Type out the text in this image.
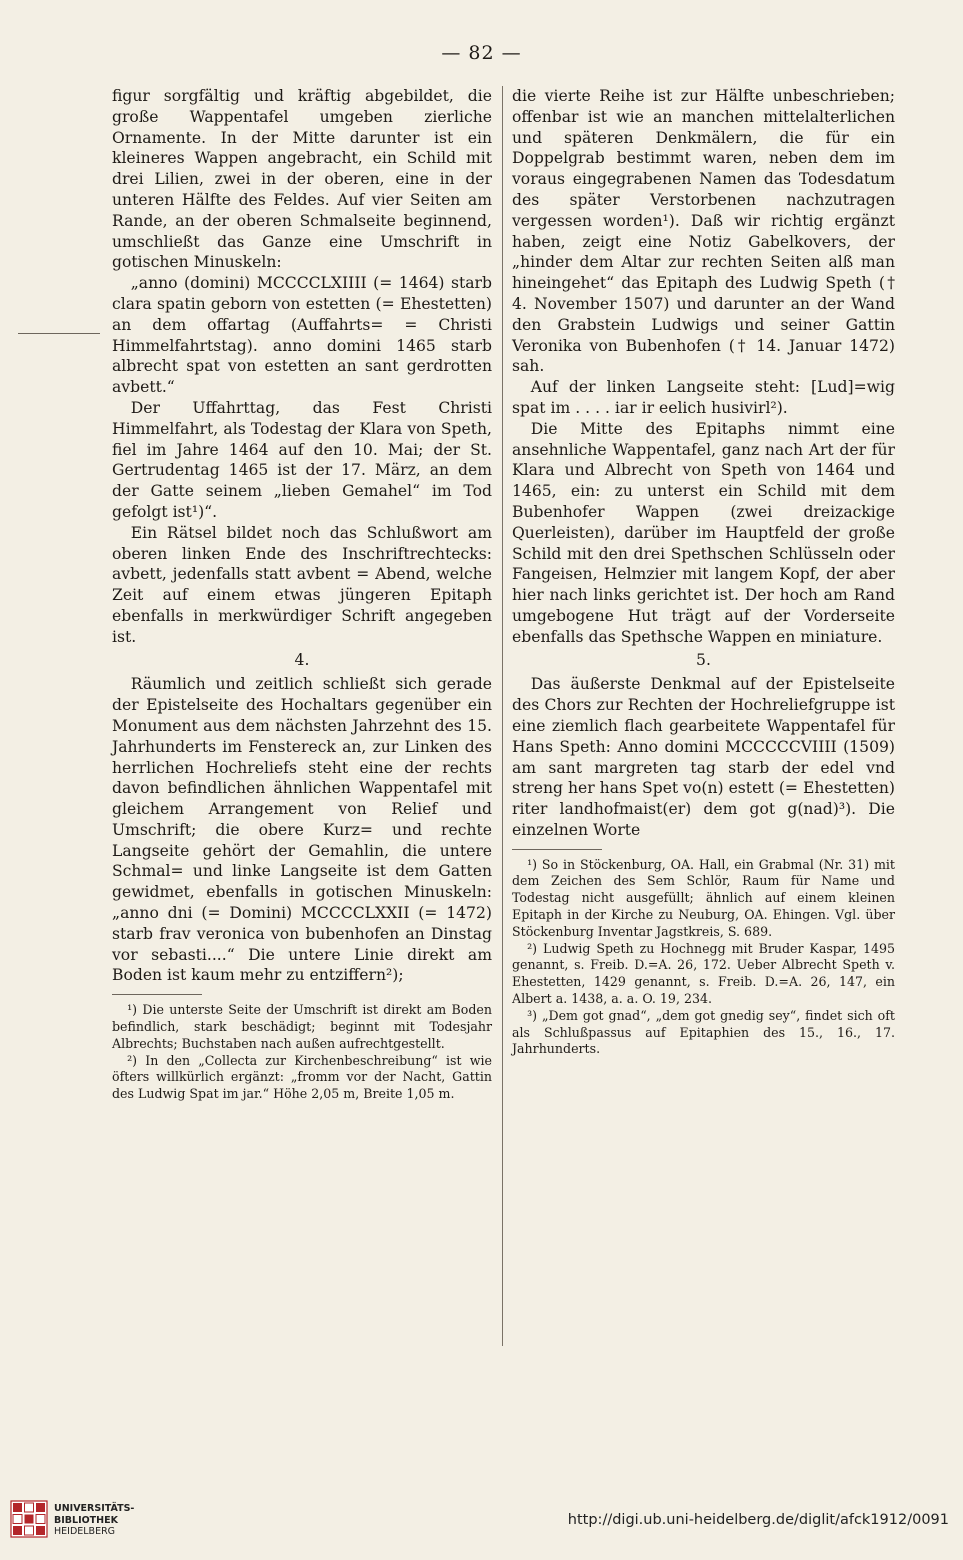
— 82 —

figur sorgfältig und kräftig abgebildet, die große Wappentafel umgeben zierliche Ornamente. In der Mitte darunter ist ein kleineres Wappen angebracht, ein Schild mit drei Lilien, zwei in der oberen, eine in der unteren Hälfte des Feldes. Auf vier Seiten am Rande, an der oberen Schmalseite beginnend, umschließt das Ganze eine Umschrift in gotischen Minuskeln:

„anno (domini) MCCCCLXIIII (= 1464) starb clara spatin geborn von estetten (= Ehestetten) an dem offartag (Auffahrts= = Christi Himmelfahrtstag). anno domini 1465 starb albrecht spat von estetten an sant gerdrotten avbett.“

Der Uffahrttag, das Fest Christi Himmelfahrt, als Todestag der Klara von Speth, fiel im Jahre 1464 auf den 10. Mai; der St. Gertrudentag 1465 ist der 17. März, an dem der Gatte seinem „lieben Gemahel“ im Tod gefolgt ist¹)“.

Ein Rätsel bildet noch das Schlußwort am oberen linken Ende des Inschriftrechtecks: avbett, jedenfalls statt avbent = Abend, welche Zeit auf einem etwas jüngeren Epitaph ebenfalls in merkwürdiger Schrift angegeben ist.

4.

Räumlich und zeitlich schließt sich gerade der Epistelseite des Hochaltars gegenüber ein Monument aus dem nächsten Jahrzehnt des 15. Jahrhunderts im Fenstereck an, zur Linken des herrlichen Hochreliefs steht eine der rechts davon befindlichen ähnlichen Wappentafel mit gleichem Arrangement von Relief und Umschrift; die obere Kurz= und rechte Langseite gehört der Gemahlin, die untere Schmal= und linke Langseite ist dem Gatten gewidmet, ebenfalls in gotischen Minuskeln: „anno dni (= Domini) MCCCCLXXII (= 1472) starb frav veronica von bubenhofen an Dinstag vor sebasti....“ Die untere Linie direkt am Boden ist kaum mehr zu entziffern²);

¹) Die unterste Seite der Umschrift ist direkt am Boden befindlich, stark beschädigt; beginnt mit Todesjahr Albrechts; Buchstaben nach außen aufrechtgestellt.

²) In den „Collecta zur Kirchenbeschreibung“ ist wie öfters willkürlich ergänzt: „fromm vor der Nacht, Gattin des Ludwig Spat im jar.“ Höhe 2,05 m, Breite 1,05 m.

die vierte Reihe ist zur Hälfte unbeschrieben; offenbar ist wie an manchen mittelalterlichen und späteren Denkmälern, die für ein Doppelgrab bestimmt waren, neben dem im voraus eingegrabenen Namen das Todesdatum des später Verstorbenen nachzutragen vergessen worden¹). Daß wir richtig ergänzt haben, zeigt eine Notiz Gabelkovers, der „hinder dem Altar zur rechten Seiten alß man hineingehet“ das Epitaph des Ludwig Speth († 4. November 1507) und darunter an der Wand den Grabstein Ludwigs und seiner Gattin Veronika von Bubenhofen († 14. Januar 1472) sah.

Auf der linken Langseite steht: [Lud]=wig spat im . . . . iar ir eelich husivirl²).

Die Mitte des Epitaphs nimmt eine ansehnliche Wappentafel, ganz nach Art der für Klara und Albrecht von Speth von 1464 und 1465, ein: zu unterst ein Schild mit dem Bubenhofer Wappen (zwei dreizackige Querleisten), darüber im Hauptfeld der große Schild mit den drei Spethschen Schlüsseln oder Fangeisen, Helmzier mit langem Kopf, der aber hier nach links gerichtet ist. Der hoch am Rand umgebogene Hut trägt auf der Vorderseite ebenfalls das Spethsche Wappen en miniature.

5.

Das äußerste Denkmal auf der Epistelseite des Chors zur Rechten der Hochreliefgruppe ist eine ziemlich flach gearbeitete Wappentafel für Hans Speth: Anno domini MCCCCCVIIII (1509) am sant margreten tag starb der edel vnd streng her hans Spet vo(n) estett (= Ehestetten) riter landhofmaist(er) dem got g(nad)³). Die einzelnen Worte

¹) So in Stöckenburg, OA. Hall, ein Grabmal (Nr. 31) mit dem Zeichen des Sem Schlör, Raum für Name und Todestag nicht ausgefüllt; ähnlich auf einem kleinen Epitaph in der Kirche zu Neuburg, OA. Ehingen. Vgl. über Stöckenburg Inventar Jagstkreis, S. 689.

²) Ludwig Speth zu Hochnegg mit Bruder Kaspar, 1495 genannt, s. Freib. D.=A. 26, 172. Ueber Albrecht Speth v. Ehestetten, 1429 genannt, s. Freib. D.=A. 26, 147, ein Albert a. 1438, a. a. O. 19, 234.

³) „Dem got gnad“, „dem got gnedig sey“, findet sich oft als Schlußpassus auf Epitaphien des 15., 16., 17. Jahrhunderts.

UNIVERSITÄTS-
BIBLIOTHEK
HEIDELBERG
http://digi.ub.uni-heidelberg.de/diglit/afck1912/0091
